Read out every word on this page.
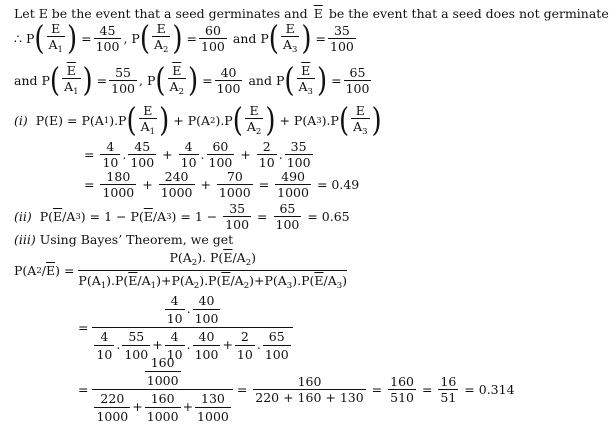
Let E be the event that a seed germinates and $\overline{E}$ be the event that a seed does not germinate
∴
P ( $\frac{E}{A_1}$ ) = $\frac{45}{100}$ , P ( $\frac{E}{A_2}$ ) = $\frac{60}{100}$
and
P ( $\frac{E}{A_3}$ ) = $\frac{35}{100}$
and
P ( $\frac{\overline{E}}{A_1}$ ) = $\frac{55}{100}$ , P ( $\frac{\overline{E}}{A_2}$ ) = $\frac{40}{100}$
and
P ( $\frac{\overline{E}}{A_3}$ ) = $\frac{65}{100}$
(i)
P(E) =
P(A 1 ).P ( $\frac{E}{A_1}$ )
+
P(A 2 ).P ( $\frac{E}{A_2}$ )
+
P(A 3 ).P ( $\frac{E}{A_3}$ )
= $\frac{4}{10}$ . $\frac{45}{100} + \frac{4}{10}$ . $\frac{60}{100} + \frac{2}{10}$ . $\frac{35}{100}$
= $\frac{180}{1000} + \frac{240}{1000} + \frac{70}{1000} = \frac{490}{1000}$
= 0.49
(ii) P( $\overline{E}$ /A 3 ) = 1 − P( $\overline{E}$ /A 3 ) = $1 - \frac{35}{100} = \frac{65}{100}$
= 0.65
(iii)
Using Bayes’ Theorem, we get
P(A $2 / \overline{E}$ ) = $\frac{P(A_2). P(\overline{E}/A_2)}{P(A_1).P(\overline{E}/A_1)+P(A_2).P(\overline{E}/A_2)+P(A_3).P(\overline{E}/A_3)}$
= $\frac{\frac{4}{10} . \frac{40}{100}}{\frac{4}{10} . \frac{55}{100} + \frac{4}{10} . \frac{40}{100} + \frac{2}{10} . \frac{65}{100}}$
= $\frac{\frac{160}{1000}}{\frac{220}{1000} + \frac{160}{1000} + \frac{130}{1000}} = \frac{160}{220 + 160 + 130} = \frac{160}{510} = \frac{16}{51}$
= 0.314
